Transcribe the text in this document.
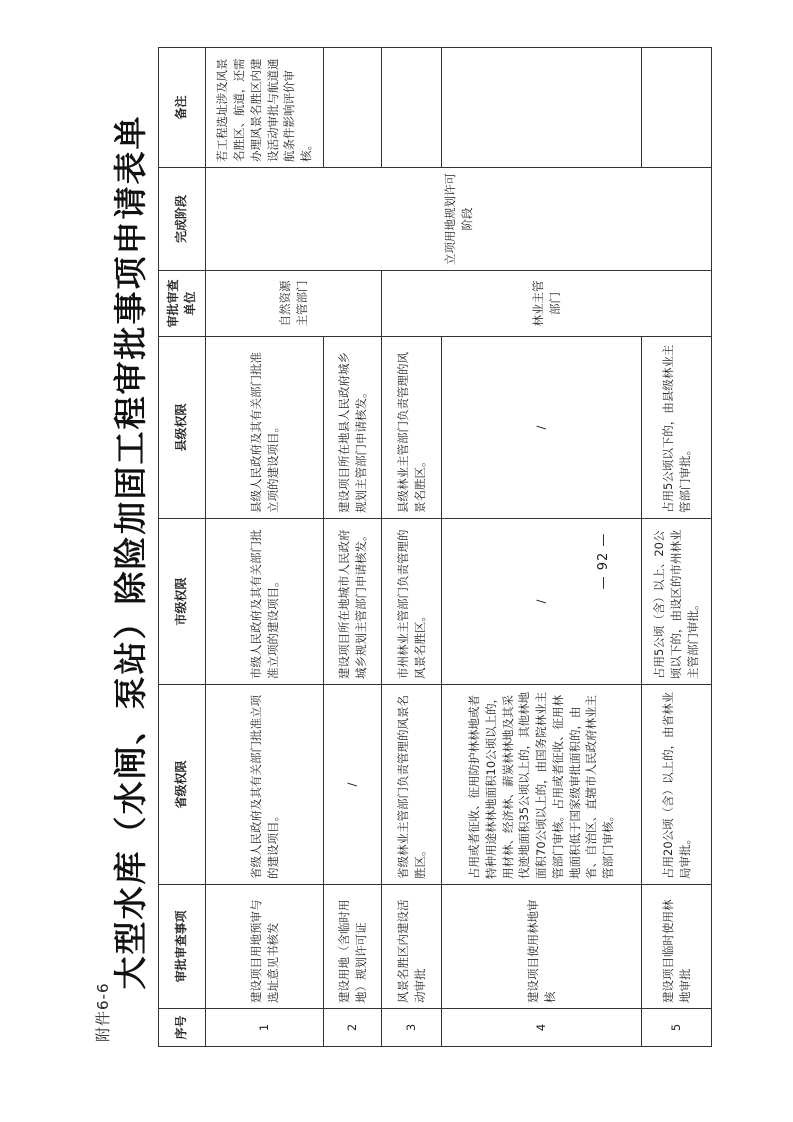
附件6-6
大型水库（水闸、泵站）除险加固工程审批事项申请表单
序号	审批审查事项	省级权限	市级权限	县级权限	审批审查单位	完成阶段	备注
1	建设项目用地预审与选址意见书核发	省级人民政府及其有关部门批准立项的建设项目。	市级人民政府及其有关部门批准立项的建设项目。	县级人民政府及其有关部门批准立项的建设项目。	自然资源主管部门	立项用地规划许可阶段	若工程选址涉及风景名胜区、航道，还需办理风景名胜区内建设活动审批与航道通航条件影响评价审核。
2	建设用地（含临时用地）规划许可证	/	建设项目所在地城市人民政府城乡规划主管部门申请核发。	建设项目所在地县人民政府城乡规划主管部门申请核发。			
3	风景名胜区内建设活动审批	省级林业主管部门负责管理的风景名胜区。	市州林业主管部门负责管理的风景名胜区。	县级林业主管部门负责管理的风景名胜区。	林业主管部门		
4	建设项目使用林地审核	占用或者征收、征用防护林林地或者特种用途林林地面积10公顷以上的，用材林、经济林、薪炭林林地及其采伐迹地面积35公顷以上的，其他林地面积70公顷以上的，由国务院林业主管部门审核。占用或者征收、征用林地面积低于国家级审批面积的，由省、自治区、直辖市人民政府林业主管部门审核。	/	/			
5	建设项目临时使用林地审批	占用20公顷（含）以上的，由省林业局审批。	占用5公顷（含）以上、20公顷以下的，由设区的市州林业主管部门审批。	占用5公顷以下的，由县级林业主管部门审批。			
— 92 —
